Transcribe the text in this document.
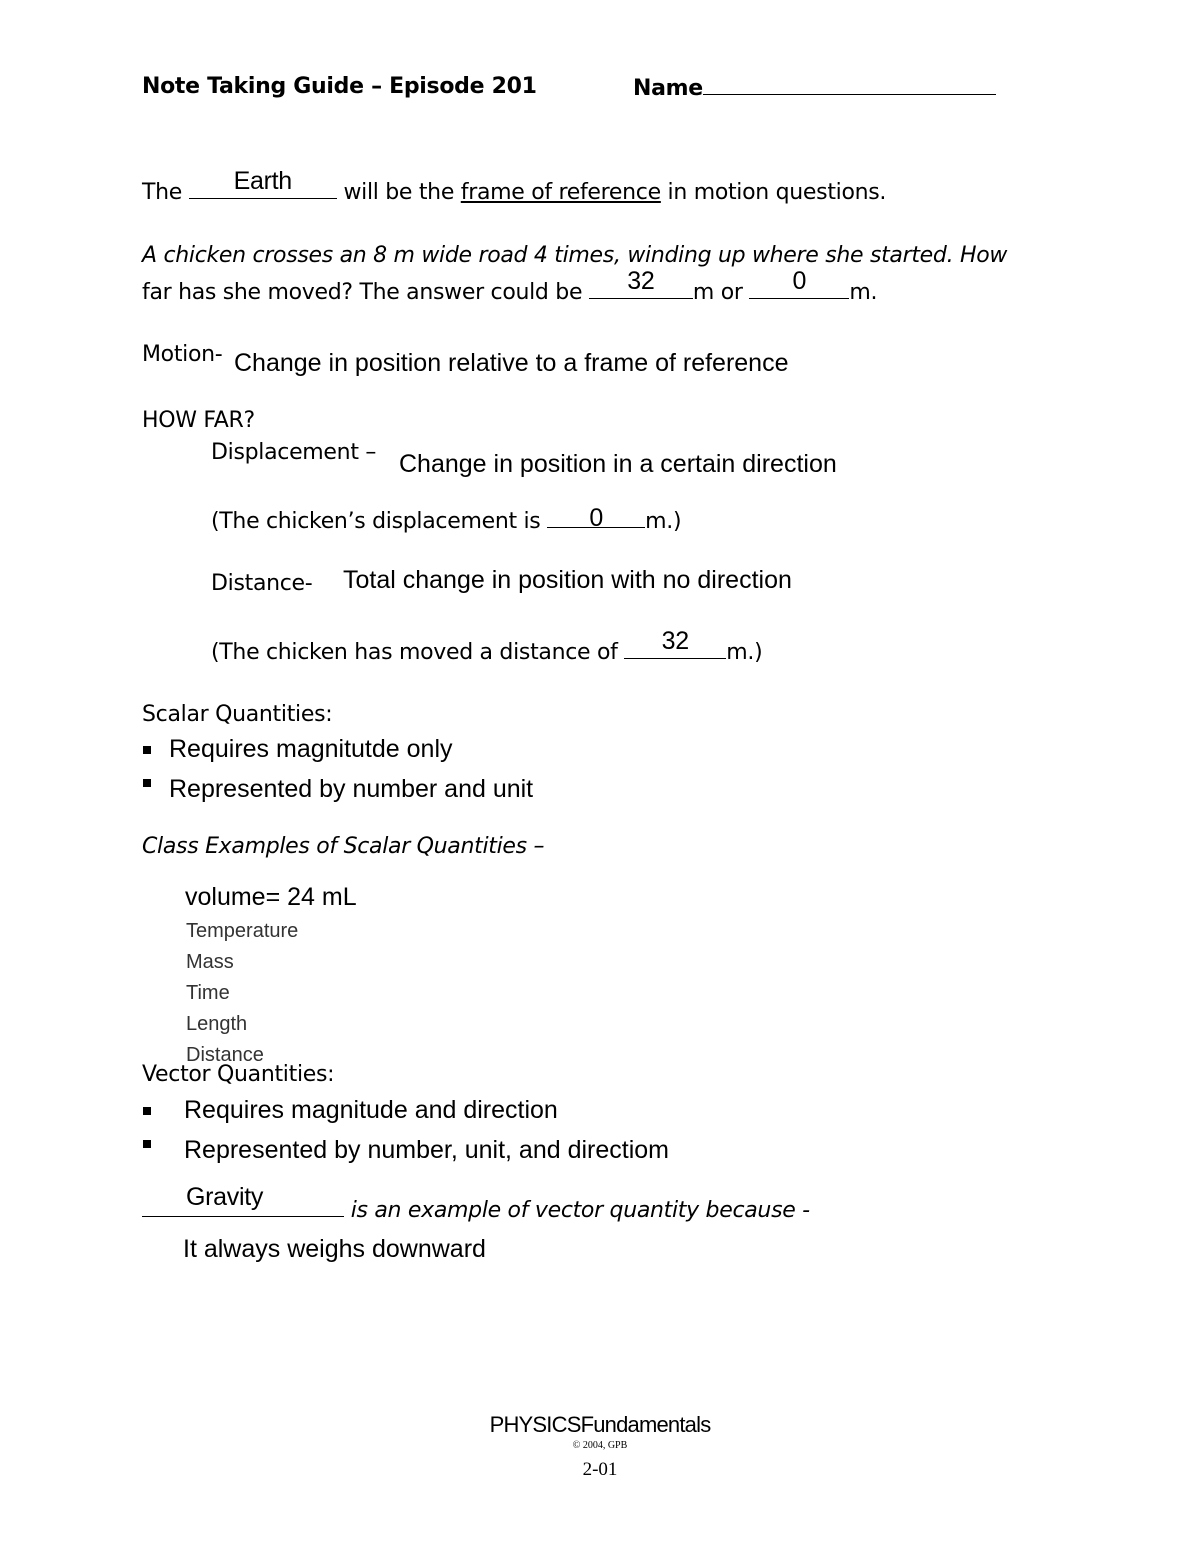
Note Taking Guide – Episode 201	Name
The	Earth	will be the frame of reference in motion questions.
A chicken crosses an 8 m wide road 4 times, winding up where she started. How
far has she moved? The answer could be	32	m or	0	m.
Motion- Change in position relative to a frame of reference
HOW FAR?
Displacement – Change in position in a certain direction
(The chicken’s displacement is	0	m.)
Distance- Total change in position with no direction
(The chicken has moved a distance of	32	m.)
Scalar Quantities:
Requires magnitutde only
Represented by number and unit
Class Examples of Scalar Quantities –
volume= 24 mL
Temperature
Mass
Time
Length
Distance
Vector Quantities:
Requires magnitude and direction
Represented by number, unit, and directiom
Gravity	is an example of vector quantity because -
It always weighs downward
PHYSICSFundamentals
© 2004, GPB
2-01
